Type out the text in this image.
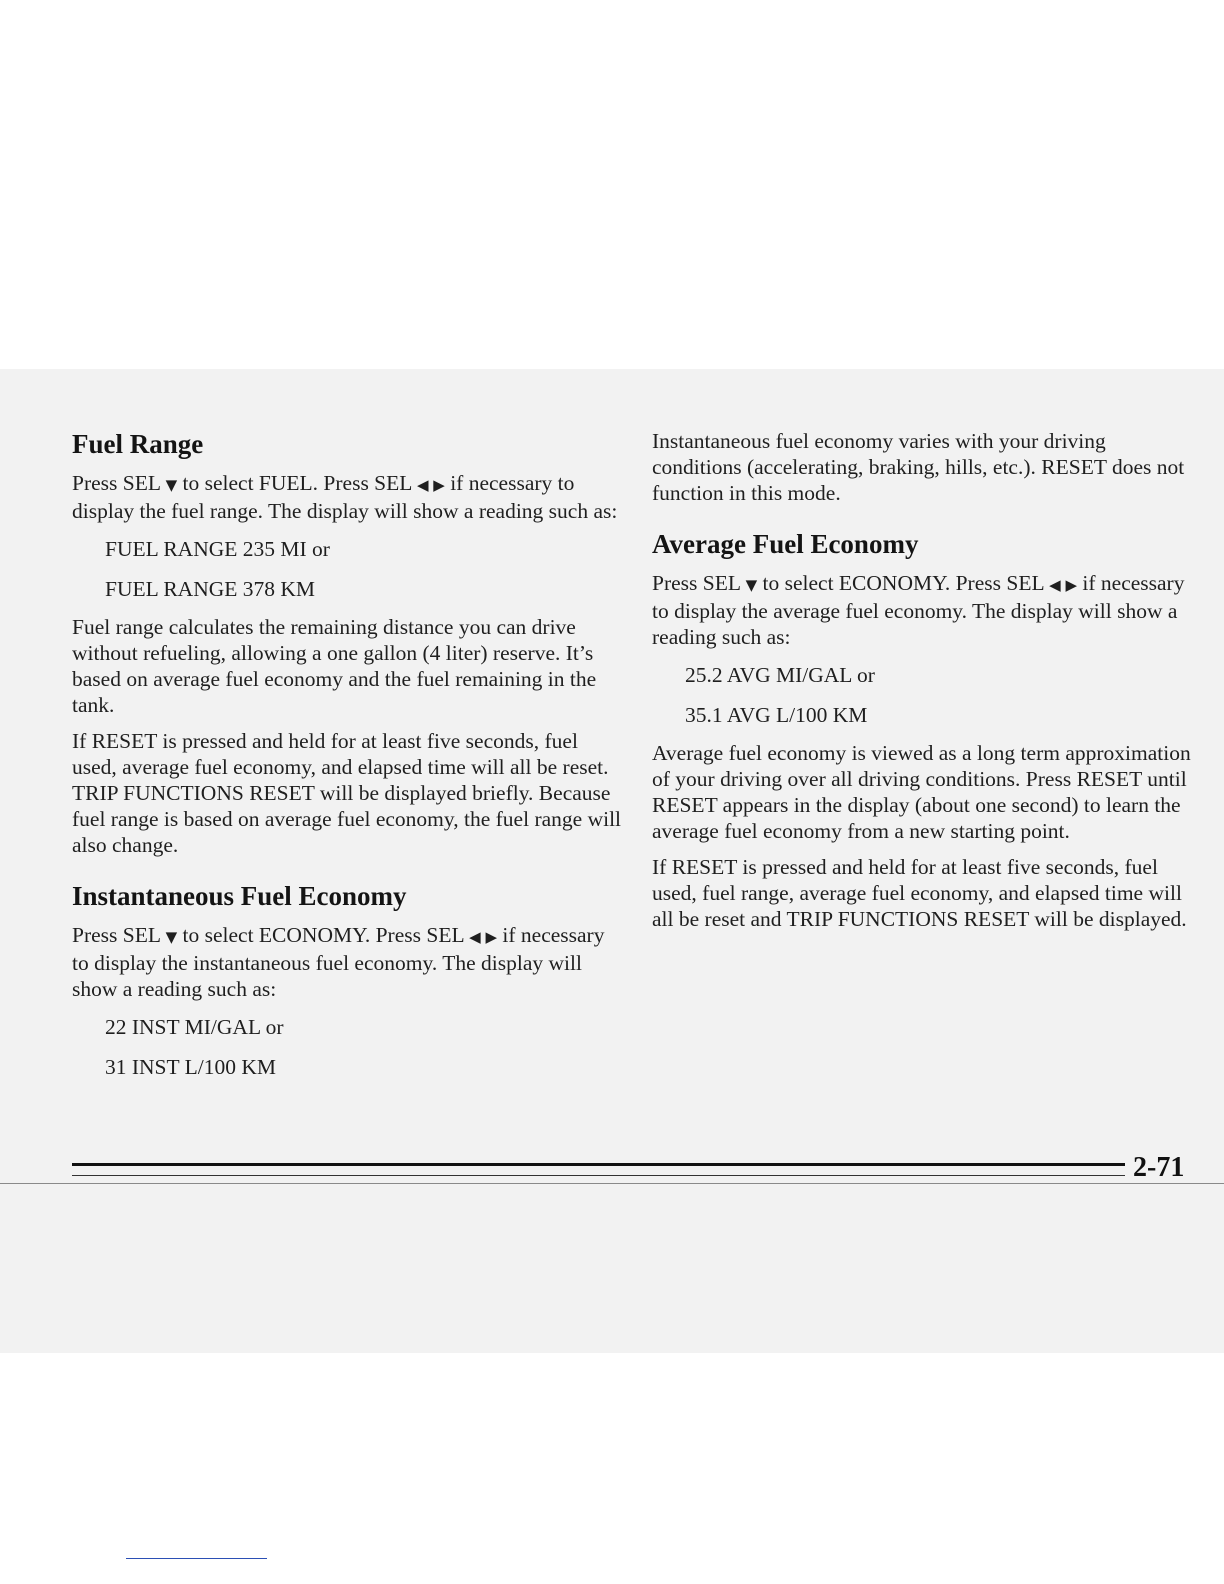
Fuel Range

Press SEL ▼ to select FUEL. Press SEL ◀ ▶ if necessary to display the fuel range. The display will show a reading such as:

FUEL RANGE 235 MI or

FUEL RANGE 378 KM

Fuel range calculates the remaining distance you can drive without refueling, allowing a one gallon (4 liter) reserve. It’s based on average fuel economy and the fuel remaining in the tank.

If RESET is pressed and held for at least five seconds, fuel used, average fuel economy, and elapsed time will all be reset. TRIP FUNCTIONS RESET will be displayed briefly. Because fuel range is based on average fuel economy, the fuel range will also change.

Instantaneous Fuel Economy

Press SEL ▼ to select ECONOMY. Press SEL ◀ ▶ if necessary to display the instantaneous fuel economy. The display will show a reading such as:

22 INST MI/GAL or

31 INST L/100 KM

Instantaneous fuel economy varies with your driving conditions (accelerating, braking, hills, etc.). RESET does not function in this mode.

Average Fuel Economy

Press SEL ▼ to select ECONOMY. Press SEL ◀ ▶ if necessary to display the average fuel economy. The display will show a reading such as:

25.2 AVG MI/GAL or

35.1 AVG L/100 KM

Average fuel economy is viewed as a long term approximation of your driving over all driving conditions. Press RESET until RESET appears in the display (about one second) to learn the average fuel economy from a new starting point.

If RESET is pressed and held for at least five seconds, fuel used, fuel range, average fuel economy, and elapsed time will all be reset and TRIP FUNCTIONS RESET will be displayed.

2-71
